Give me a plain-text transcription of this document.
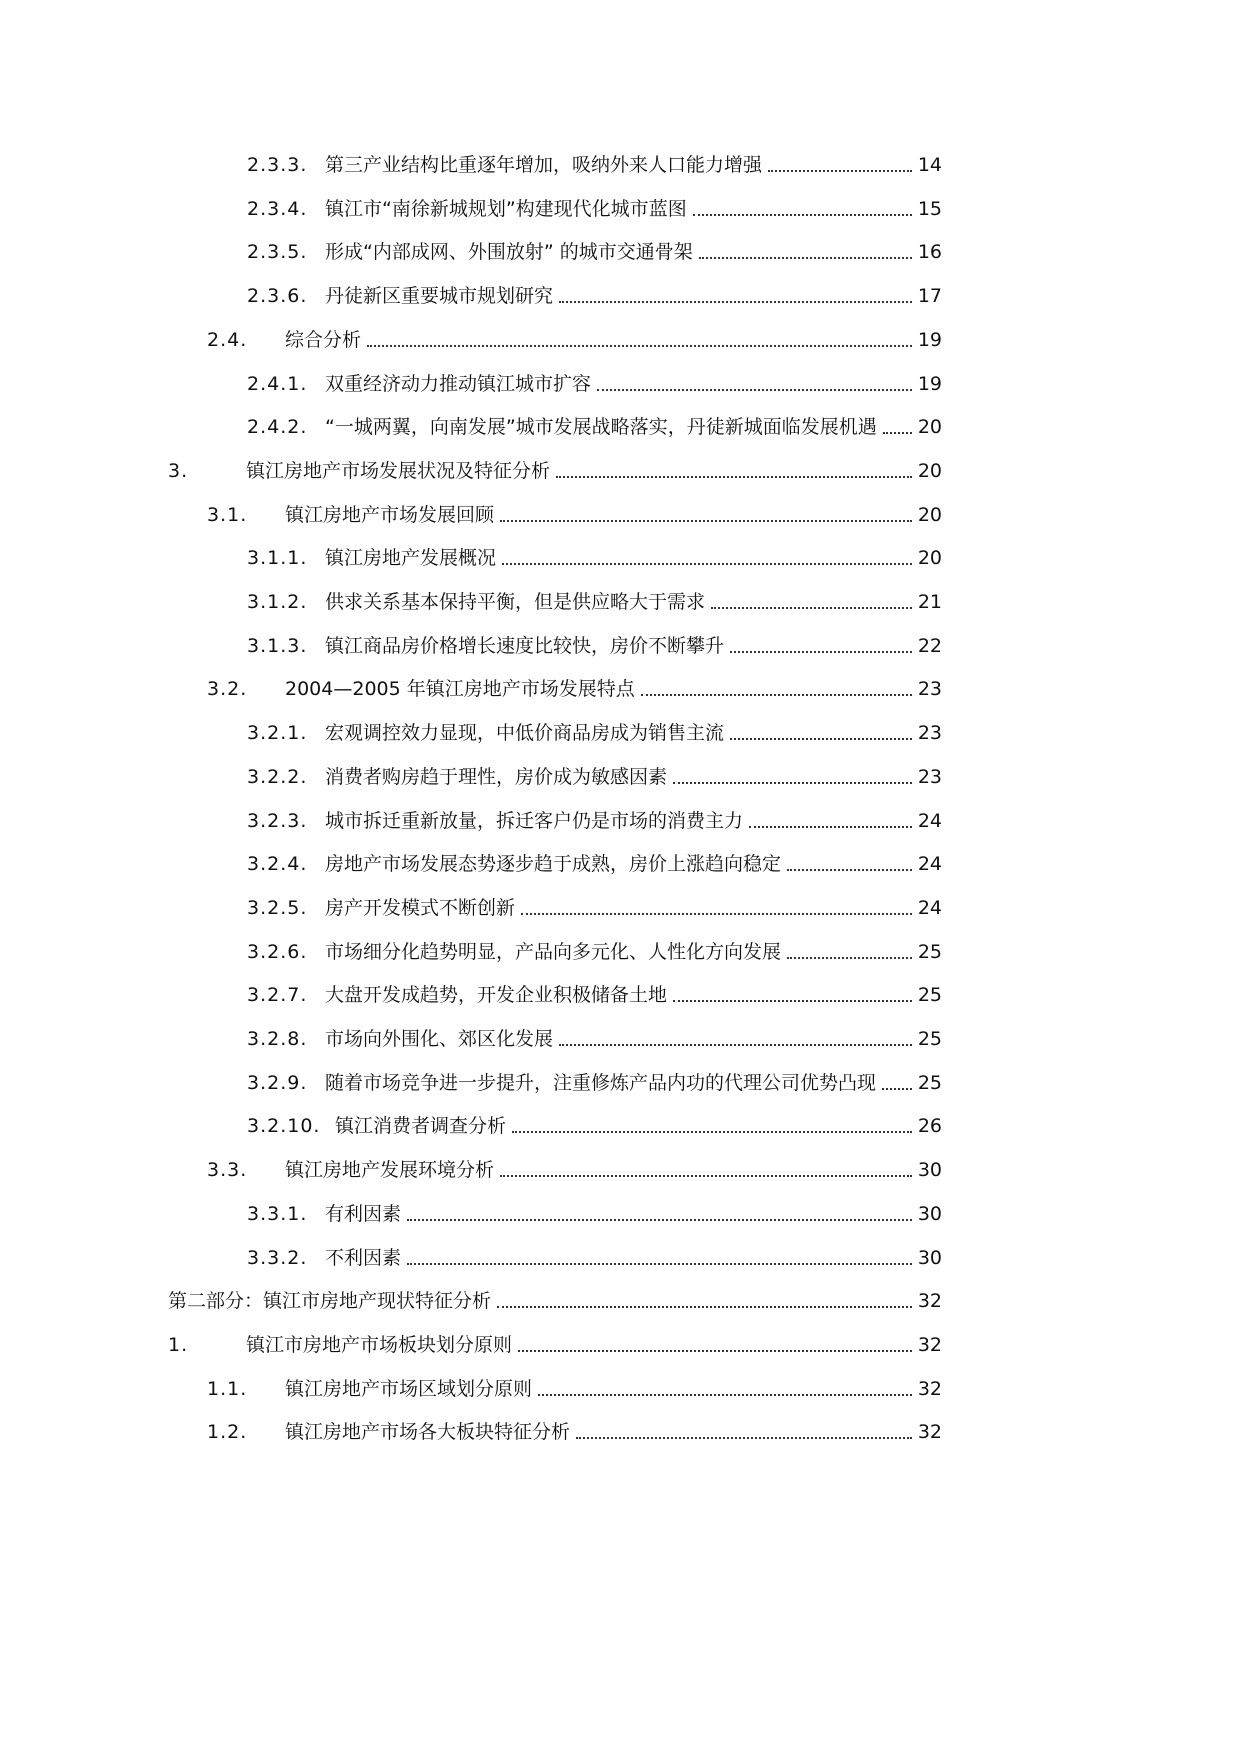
2.3.3. 第三产业结构比重逐年增加，吸纳外来人口能力增强	14
2.3.4. 镇江市“南徐新城规划”构建现代化城市蓝图	15
2.3.5. 形成“内部成网、外围放射” 的城市交通骨架	16
2.3.6. 丹徒新区重要城市规划研究	17
2.4.	综合分析	19
2.4.1. 双重经济动力推动镇江城市扩容	19
2.4.2. “一城两翼，向南发展”城市发展战略落实，丹徒新城面临发展机遇 20
3.	镇江房地产市场发展状况及特征分析	20
3.1.	镇江房地产市场发展回顾	20
3.1.1. 镇江房地产发展概况	20
3.1.2. 供求关系基本保持平衡，但是供应略大于需求	21
3.1.3. 镇江商品房价格增长速度比较快，房价不断攀升	22
3.2.	2004—2005 年镇江房地产市场发展特点	23
3.2.1. 宏观调控效力显现，中低价商品房成为销售主流	23
3.2.2. 消费者购房趋于理性，房价成为敏感因素	23
3.2.3. 城市拆迁重新放量，拆迁客户仍是市场的消费主力	24
3.2.4. 房地产市场发展态势逐步趋于成熟，房价上涨趋向稳定	24
3.2.5. 房产开发模式不断创新	24
3.2.6. 市场细分化趋势明显，产品向多元化、人性化方向发展	25
3.2.7. 大盘开发成趋势，开发企业积极储备土地	25
3.2.8. 市场向外围化、郊区化发展	25
3.2.9. 随着市场竞争进一步提升，注重修炼产品内功的代理公司优势凸现 25
3.2.10. 镇江消费者调查分析	26
3.3.	镇江房地产发展环境分析	30
3.3.1. 有利因素	30
3.3.2. 不利因素	30
第二部分：镇江市房地产现状特征分析	32
1.	镇江市房地产市场板块划分原则	32
1.1.	镇江房地产市场区域划分原则	32
1.2.	镇江房地产市场各大板块特征分析	32
